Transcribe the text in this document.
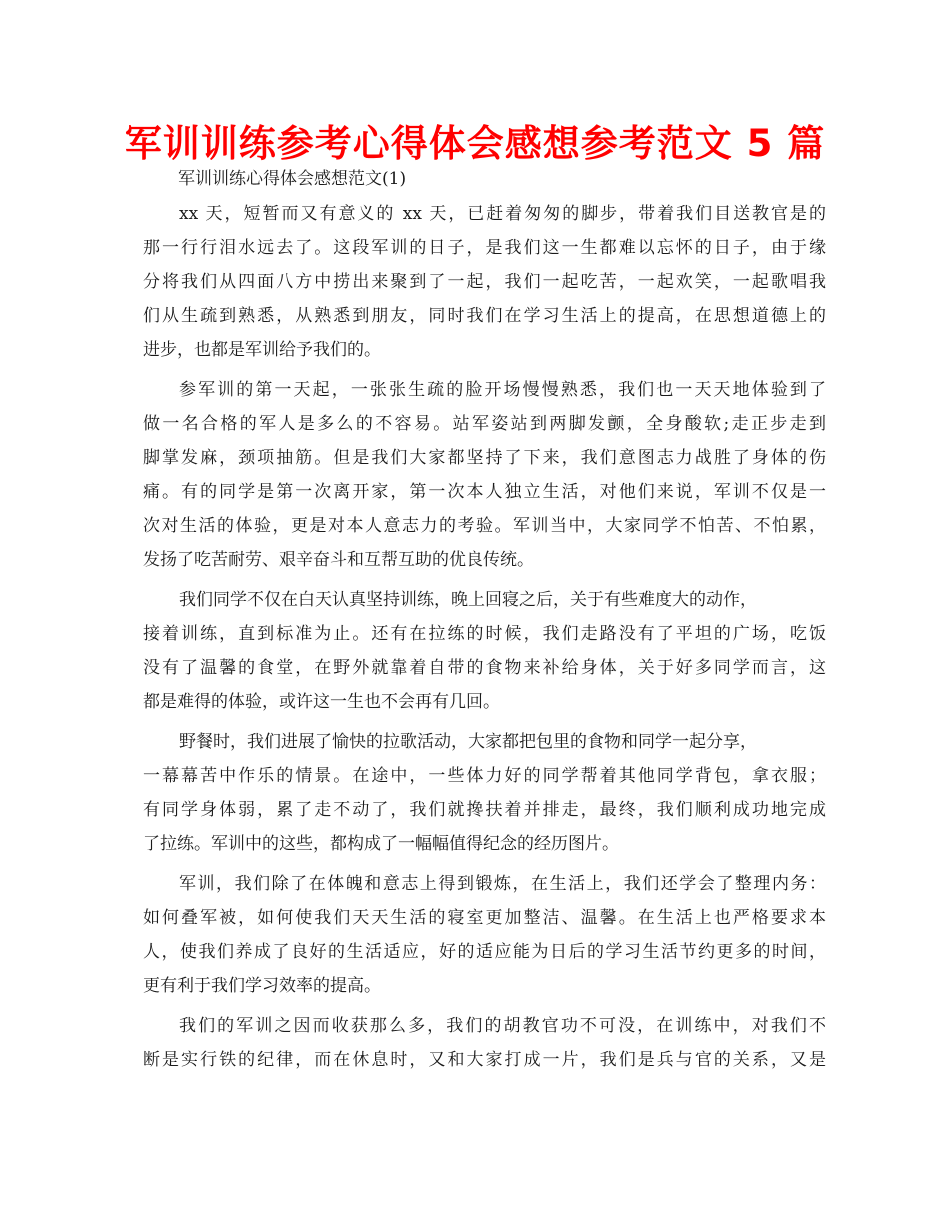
军训训练参考心得体会感想参考范文 5 篇
军训训练心得体会感想范文(1)
xx 天，短暂而又有意义的 xx 天，已赶着匆匆的脚步，带着我们目送教官是的
那一行行泪水远去了。这段军训的日子，是我们这一生都难以忘怀的日子，由于缘
分将我们从四面八方中捞出来聚到了一起，我们一起吃苦，一起欢笑，一起歌唱我
们从生疏到熟悉，从熟悉到朋友，同时我们在学习生活上的提高，在思想道德上的
进步，也都是军训给予我们的。
参军训的第一天起，一张张生疏的脸开场慢慢熟悉，我们也一天天地体验到了
做一名合格的军人是多么的不容易。站军姿站到两脚发颤，全身酸软;走正步走到
脚掌发麻，颈项抽筋。但是我们大家都坚持了下来，我们意图志力战胜了身体的伤
痛。有的同学是第一次离开家，第一次本人独立生活，对他们来说，军训不仅是一
次对生活的体验，更是对本人意志力的考验。军训当中，大家同学不怕苦、不怕累，
发扬了吃苦耐劳、艰辛奋斗和互帮互助的优良传统。
我们同学不仅在白天认真坚持训练，晚上回寝之后，关于有些难度大的动作，
接着训练，直到标准为止。还有在拉练的时候，我们走路没有了平坦的广场，吃饭
没有了温馨的食堂，在野外就靠着自带的食物来补给身体，关于好多同学而言，这
都是难得的体验，或许这一生也不会再有几回。
野餐时，我们进展了愉快的拉歌活动，大家都把包里的食物和同学一起分享，
一幕幕苦中作乐的情景。在途中，一些体力好的同学帮着其他同学背包，拿衣服；
有同学身体弱，累了走不动了，我们就搀扶着并排走，最终，我们顺利成功地完成
了拉练。军训中的这些，都构成了一幅幅值得纪念的经历图片。
军训，我们除了在体魄和意志上得到锻炼，在生活上，我们还学会了整理内务：
如何叠军被，如何使我们天天生活的寝室更加整洁、温馨。在生活上也严格要求本
人，使我们养成了良好的生活适应，好的适应能为日后的学习生活节约更多的时间，
更有利于我们学习效率的提高。
我们的军训之因而收获那么多，我们的胡教官功不可没，在训练中，对我们不
断是实行铁的纪律，而在休息时，又和大家打成一片，我们是兵与官的关系，又是
